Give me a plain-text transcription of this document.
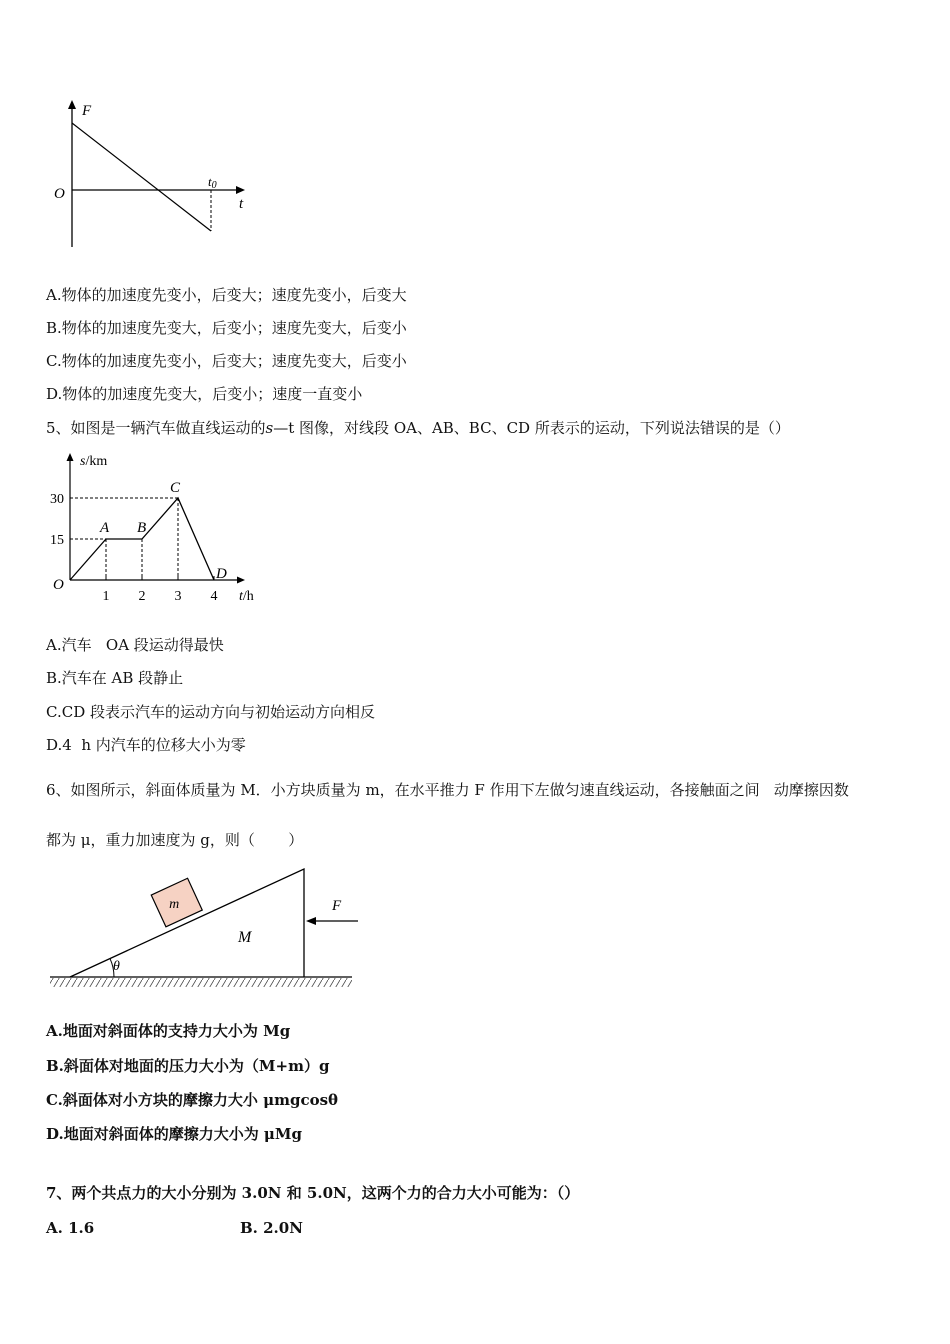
F
O
t
t0
A.物体的加速度先变小，后变大；速度先变小，后变大
B.物体的加速度先变大，后变小；速度先变大，后变小
C.物体的加速度先变小，后变大；速度先变大，后变小
D.物体的加速度先变大，后变小；速度一直变小
5、如图是一辆汽车做直线运动的s—t 图像，对线段 OA、AB、BC、CD 所表示的运动，下列说法错误的是（）
s/km
t/h
O
15
30
1 2 3 4
A B
C
D
A.汽车   OA 段运动得最快
B.汽车在 AB 段静止
C.CD 段表示汽车的运动方向与初始运动方向相反
D.4  h 内汽车的位移大小为零
6、如图所示，斜面体质量为 M．小方块质量为 m，在水平推力 F 作用下左做匀速直线运动，各接触面之间   动摩擦因数
都为 μ，重力加速度为 g，则（       ）
m
M
θ
F
A.地面对斜面体的支持力大小为 Mg
B.斜面体对地面的压力大小为（M+m）g
C.斜面体对小方块的摩擦力大小 μmgcosθ
D.地面对斜面体的摩擦力大小为 μMg
7、两个共点力的大小分别为 3.0N 和 5.0N，这两个力的合力大小可能为：（）
A. 1.6	B. 2.0N
